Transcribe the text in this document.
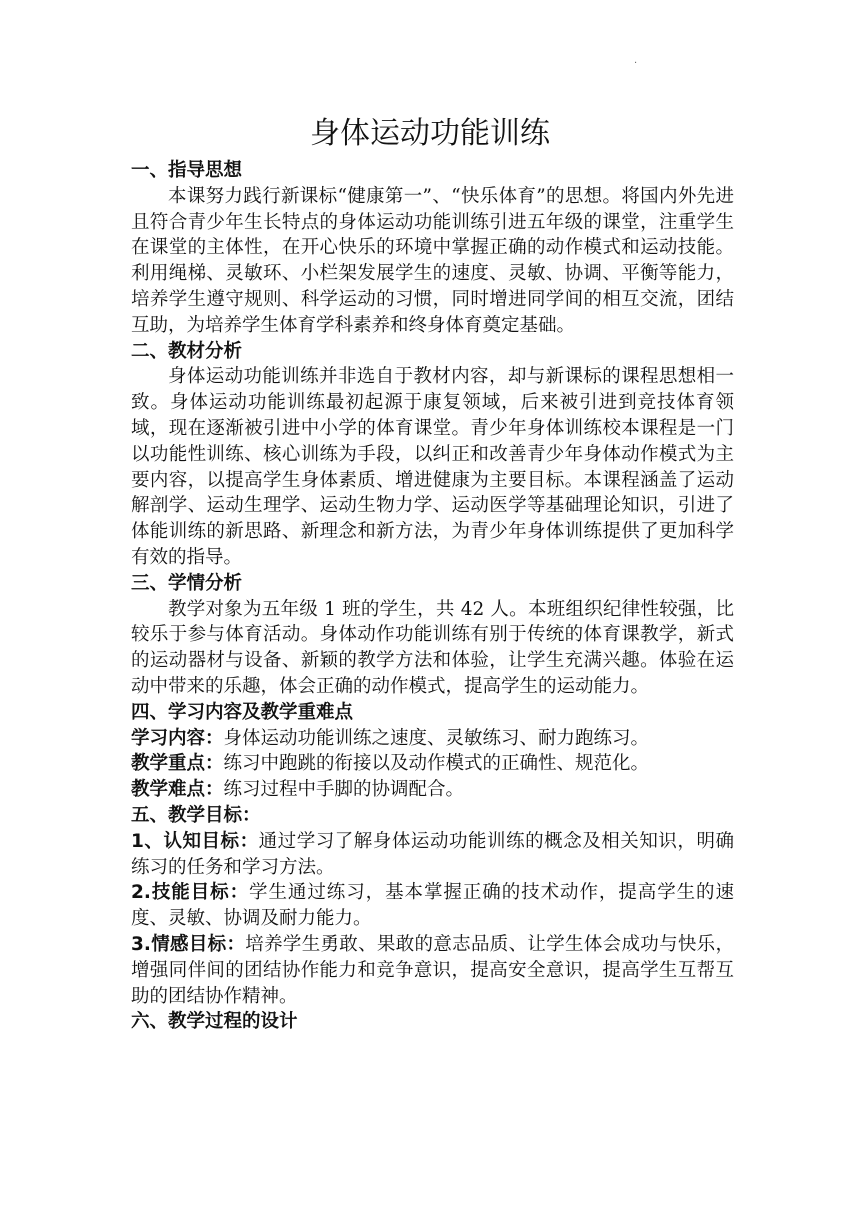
·
身体运动功能训练
一、指导思想

本课努力践行新课标“健康第一”、“快乐体育”的思想。将国内外先进且符合青少年生长特点的身体运动功能训练引进五年级的课堂，注重学生在课堂的主体性，在开心快乐的环境中掌握正确的动作模式和运动技能。利用绳梯、灵敏环、小栏架发展学生的速度、灵敏、协调、平衡等能力，培养学生遵守规则、科学运动的习惯，同时增进同学间的相互交流，团结互助，为培养学生体育学科素养和终身体育奠定基础。

二、教材分析

身体运动功能训练并非选自于教材内容，却与新课标的课程思想相一致。身体运动功能训练最初起源于康复领域，后来被引进到竞技体育领域，现在逐渐被引进中小学的体育课堂。青少年身体训练校本课程是一门以功能性训练、核心训练为手段，以纠正和改善青少年身体动作模式为主要内容，以提高学生身体素质、增进健康为主要目标。本课程涵盖了运动解剖学、运动生理学、运动生物力学、运动医学等基础理论知识，引进了体能训练的新思路、新理念和新方法，为青少年身体训练提供了更加科学有效的指导。

三、学情分析

教学对象为五年级 1 班的学生，共 42 人。本班组织纪律性较强，比较乐于参与体育活动。身体动作功能训练有别于传统的体育课教学，新式的运动器材与设备、新颖的教学方法和体验，让学生充满兴趣。体验在运动中带来的乐趣，体会正确的动作模式，提高学生的运动能力。

四、学习内容及教学重难点

学习内容：身体运动功能训练之速度、灵敏练习、耐力跑练习。

教学重点：练习中跑跳的衔接以及动作模式的正确性、规范化。

教学难点：练习过程中手脚的协调配合。

五、教学目标：

1、认知目标：通过学习了解身体运动功能训练的概念及相关知识，明确练习的任务和学习方法。

2.技能目标：学生通过练习，基本掌握正确的技术动作，提高学生的速度、灵敏、协调及耐力能力。

3.情感目标：培养学生勇敢、果敢的意志品质、让学生体会成功与快乐，增强同伴间的团结协作能力和竞争意识，提高安全意识，提高学生互帮互助的团结协作精神。

六、教学过程的设计
